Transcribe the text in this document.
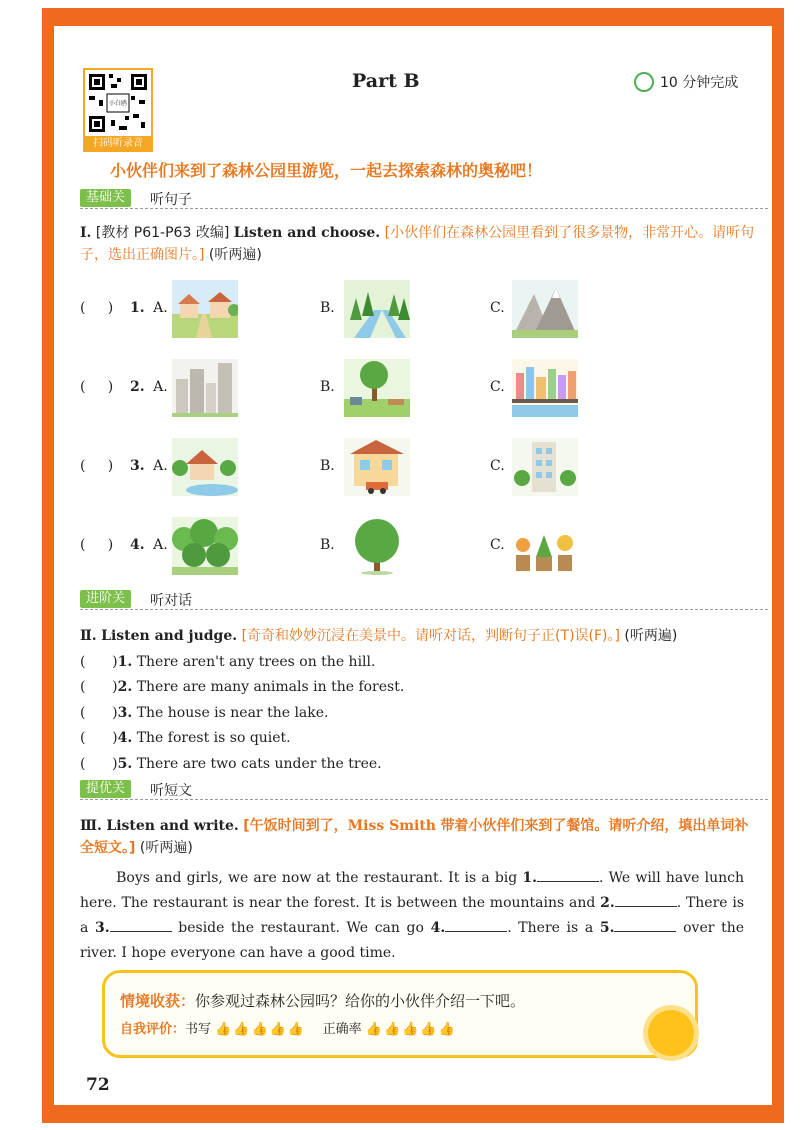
小白鸥
扫码听录音
Part B	10 分钟完成
小伙伴们来到了森林公园里游览，一起去探索森林的奥秘吧！
基础关	听句子
Ⅰ. [教材 P61-P63 改编] Listen and choose. [小伙伴们在森林公园里看到了很多景物，非常开心。请听句子，选出正确图片。] (听两遍)
(     ) 1. A.	B.	C.
(     ) 2. A.	B.	C.
(     ) 3. A.	B.	C.
(     ) 4. A.	B.	C.
进阶关	听对话
Ⅱ. Listen and judge. [奇奇和妙妙沉浸在美景中。请听对话，判断句子正(T)误(F)。] (听两遍)
(      )1. There aren't any trees on the hill.
(      )2. There are many animals in the forest.
(      )3. The house is near the lake.
(      )4. The forest is so quiet.
(      )5. There are two cats under the tree.
提优关	听短文
Ⅲ. Listen and write. [午饭时间到了，Miss Smith 带着小伙伴们来到了餐馆。请听介绍，填出单词补全短文。] (听两遍)
Boys and girls, we are now at the restaurant. It is a big 1.	. We will have lunch here. The restaurant is near the forest. It is between the mountains and 2.	. There is a 3.	beside the restaurant. We can go 4.	. There is a 5.	over the river. I hope everyone can have a good time.
情境收获：你参观过森林公园吗？给你的小伙伴介绍一下吧。
自我评价：书写 👍👍👍👍👍 正确率 👍👍👍👍👍
72
